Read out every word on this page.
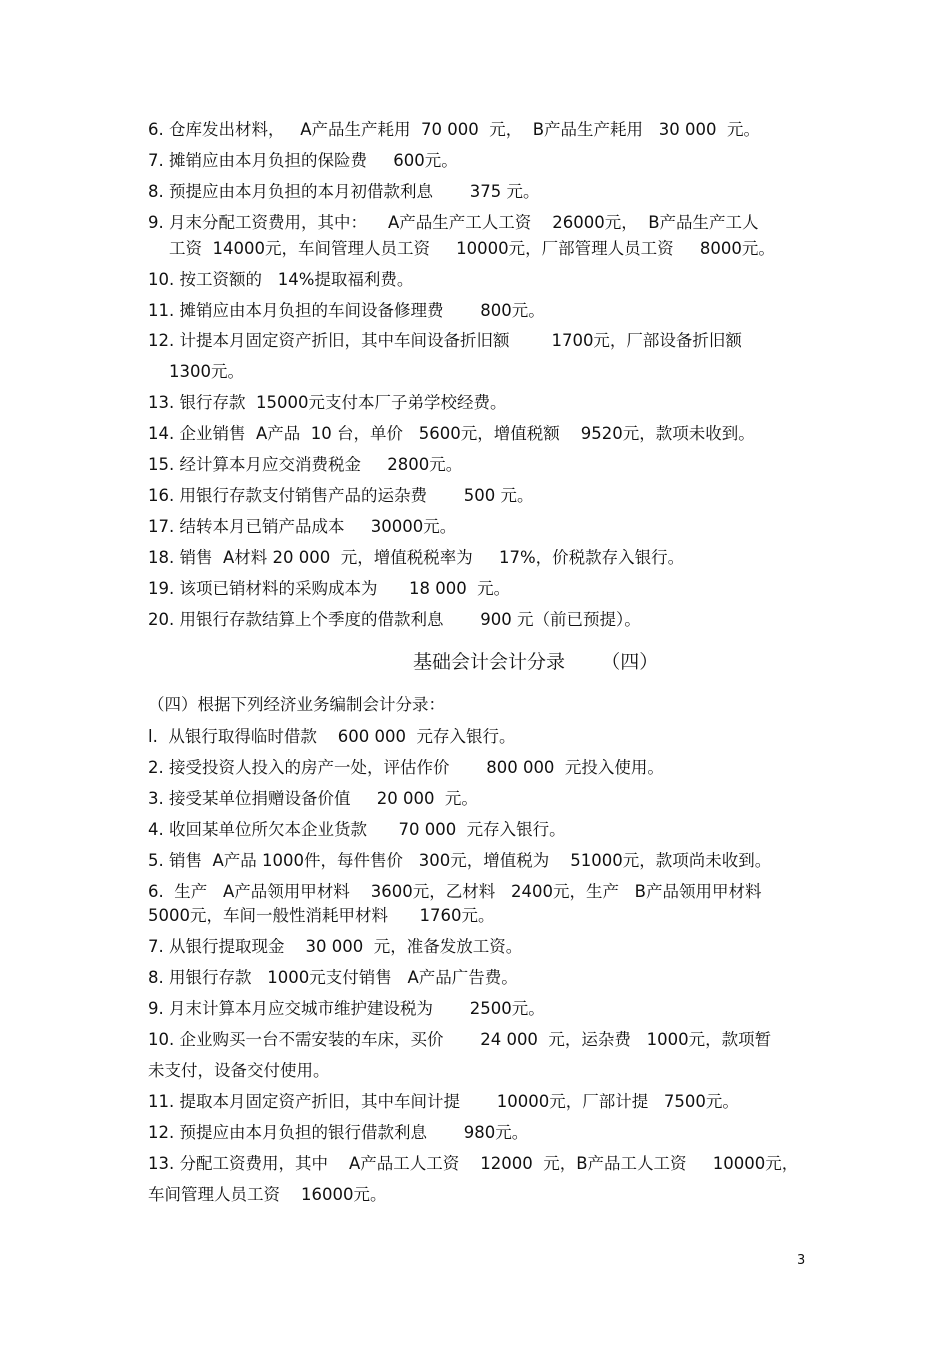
6. 仓库发出材料，   A产品生产耗用  70 000  元，  B产品生产耗用   30 000  元。
7. 摊销应由本月负担的保险费     600元。
8. 预提应由本月负担的本月初借款利息       375 元。
9. 月末分配工资费用，其中：    A产品生产工人工资    26000元，  B产品生产工人
工资  14000元，车间管理人员工资     10000元，厂部管理人员工资     8000元。
10. 按工资额的   14%提取福利费。
11. 摊销应由本月负担的车间设备修理费       800元。
12. 计提本月固定资产折旧，其中车间设备折旧额        1700元，厂部设备折旧额
1300元。
13. 银行存款  15000元支付本厂子弟学校经费。
14. 企业销售  A产品  10 台，单价   5600元，增值税额    9520元，款项未收到。
15. 经计算本月应交消费税金     2800元。
16. 用银行存款支付销售产品的运杂费       500 元。
17. 结转本月已销产品成本     30000元。
18. 销售  A材料 20 000  元，增值税税率为     17%，价税款存入银行。
19. 该项已销材料的采购成本为      18 000  元。
20. 用银行存款结算上个季度的借款利息       900 元（前已预提）。
基础会计会计分录      （四）
（四）根据下列经济业务编制会计分录：
l.  从银行取得临时借款    600 000  元存入银行。
2. 接受投资人投入的房产一处，评估作价       800 000  元投入使用。
3. 接受某单位捐赠设备价值     20 000  元。
4. 收回某单位所欠本企业货款      70 000  元存入银行。
5. 销售  A产品 1000件，每件售价   300元，增值税为    51000元，款项尚未收到。
6.  生产   A产品领用甲材料    3600元，乙材料   2400元，生产   B产品领用甲材料
5000元，车间一般性消耗甲材料      1760元。
7. 从银行提取现金    30 000  元，准备发放工资。
8. 用银行存款   1000元支付销售   A产品广告费。
9. 月末计算本月应交城市维护建设税为       2500元。
10. 企业购买一台不需安装的车床，买价       24 000  元，运杂费   1000元，款项暂
未支付，设备交付使用。
11. 提取本月固定资产折旧，其中车间计提       10000元，厂部计提   7500元。
12. 预提应由本月负担的银行借款利息       980元。
13. 分配工资费用，其中    A产品工人工资    12000  元，B产品工人工资     10000元，
车间管理人员工资    16000元。
3
